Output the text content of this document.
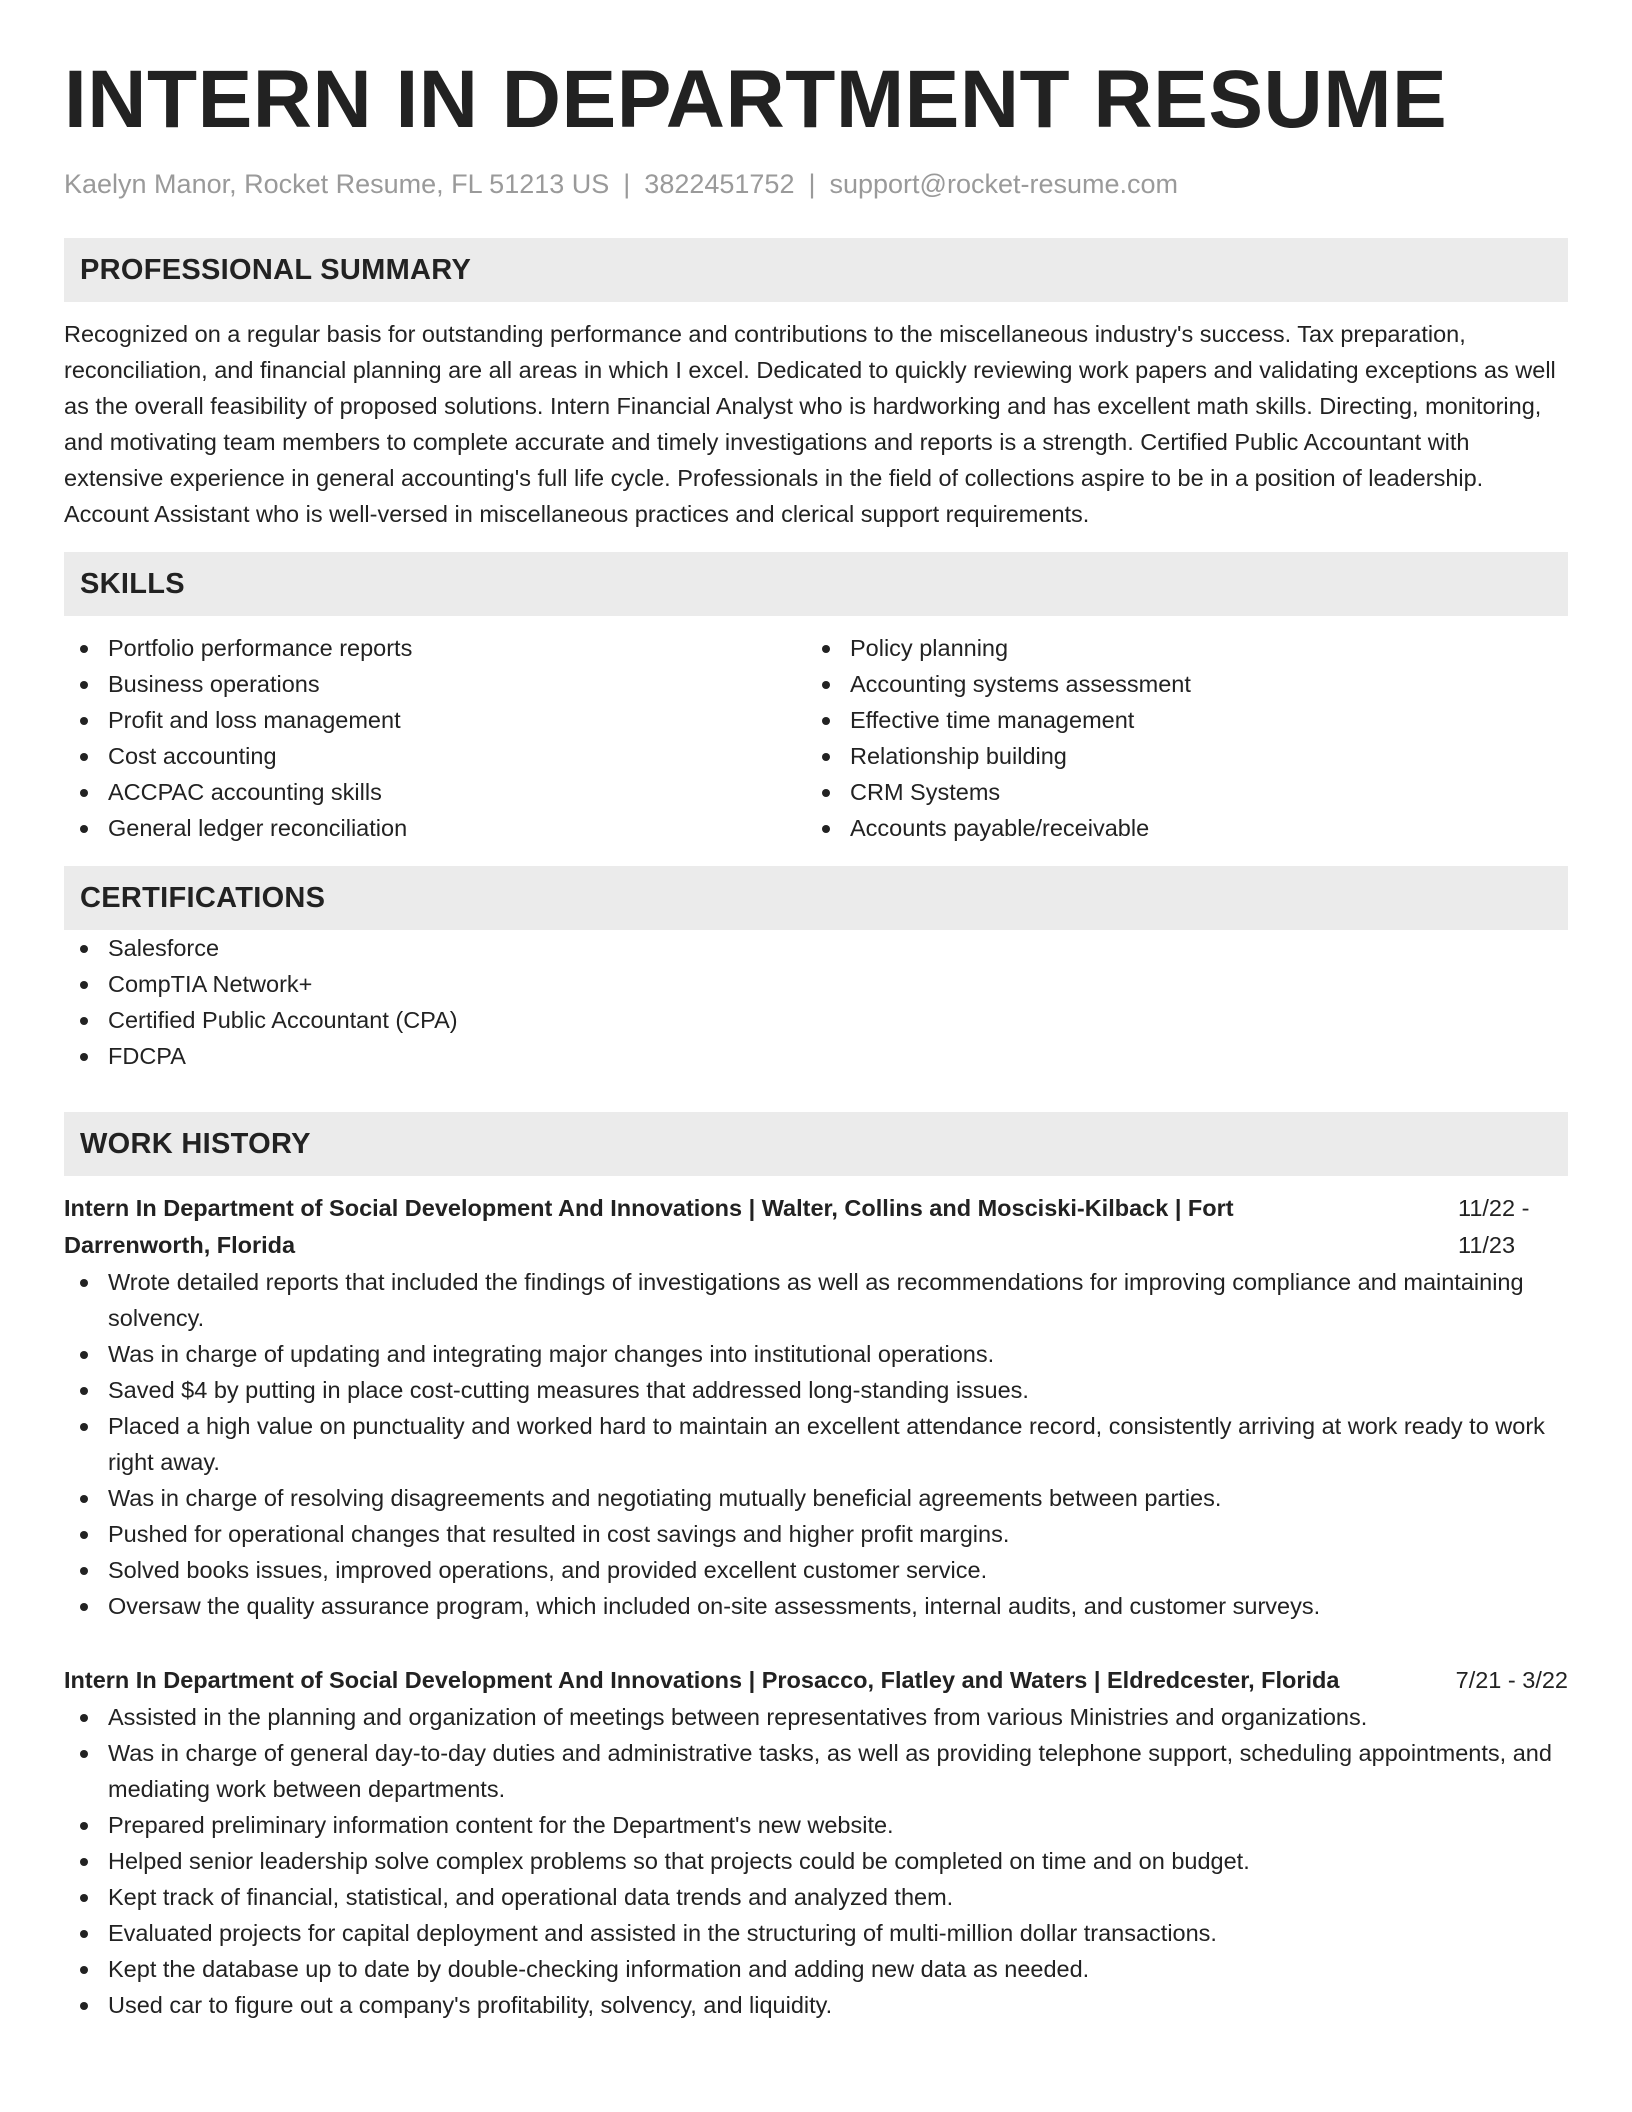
INTERN IN DEPARTMENT RESUME
Kaelyn Manor, Rocket Resume, FL 51213 US | 3822451752 | support@rocket-resume.com
PROFESSIONAL SUMMARY
Recognized on a regular basis for outstanding performance and contributions to the miscellaneous industry's success. Tax preparation, reconciliation, and financial planning are all areas in which I excel. Dedicated to quickly reviewing work papers and validating exceptions as well as the overall feasibility of proposed solutions. Intern Financial Analyst who is hardworking and has excellent math skills. Directing, monitoring, and motivating team members to complete accurate and timely investigations and reports is a strength. Certified Public Accountant with extensive experience in general accounting's full life cycle. Professionals in the field of collections aspire to be in a position of leadership. Account Assistant who is well-versed in miscellaneous practices and clerical support requirements.
SKILLS
Portfolio performance reports
Business operations
Profit and loss management
Cost accounting
ACCPAC accounting skills
General ledger reconciliation
Policy planning
Accounting systems assessment
Effective time management
Relationship building
CRM Systems
Accounts payable/receivable
CERTIFICATIONS
Salesforce
CompTIA Network+
Certified Public Accountant (CPA)
FDCPA
WORK HISTORY
Intern In Department of Social Development And Innovations | Walter, Collins and Mosciski-Kilback | Fort Darrenworth, Florida
11/22 - 11/23
Wrote detailed reports that included the findings of investigations as well as recommendations for improving compliance and maintaining solvency.
Was in charge of updating and integrating major changes into institutional operations.
Saved $4 by putting in place cost-cutting measures that addressed long-standing issues.
Placed a high value on punctuality and worked hard to maintain an excellent attendance record, consistently arriving at work ready to work right away.
Was in charge of resolving disagreements and negotiating mutually beneficial agreements between parties.
Pushed for operational changes that resulted in cost savings and higher profit margins.
Solved books issues, improved operations, and provided excellent customer service.
Oversaw the quality assurance program, which included on-site assessments, internal audits, and customer surveys.
Intern In Department of Social Development And Innovations | Prosacco, Flatley and Waters | Eldredcester, Florida	7/21 - 3/22
Assisted in the planning and organization of meetings between representatives from various Ministries and organizations.
Was in charge of general day-to-day duties and administrative tasks, as well as providing telephone support, scheduling appointments, and mediating work between departments.
Prepared preliminary information content for the Department's new website.
Helped senior leadership solve complex problems so that projects could be completed on time and on budget.
Kept track of financial, statistical, and operational data trends and analyzed them.
Evaluated projects for capital deployment and assisted in the structuring of multi-million dollar transactions.
Kept the database up to date by double-checking information and adding new data as needed.
Used car to figure out a company's profitability, solvency, and liquidity.
